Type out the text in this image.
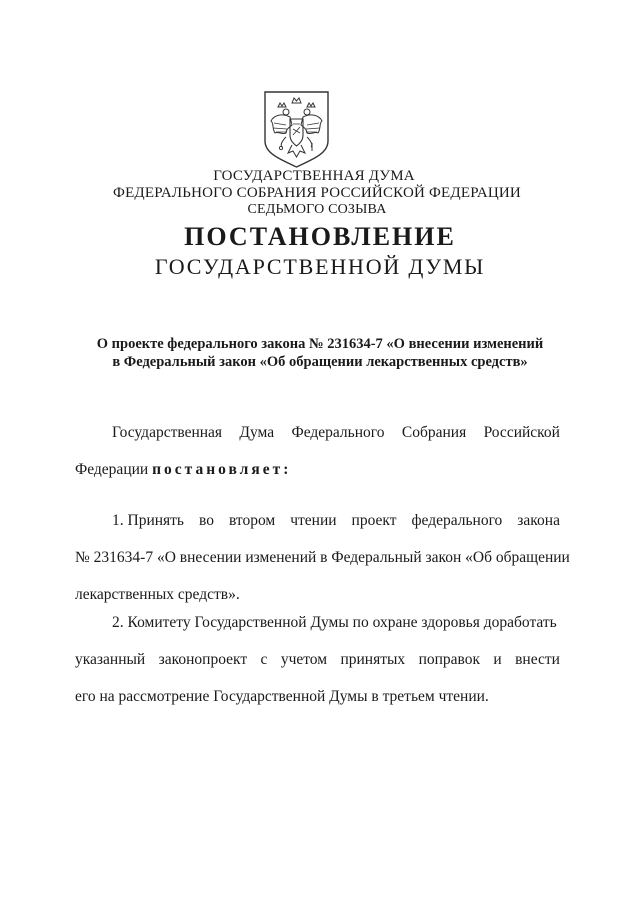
ГОСУДАРСТВЕННАЯ ДУМА
ФЕДЕРАЛЬНОГО СОБРАНИЯ РОССИЙСКОЙ ФЕДЕРАЦИИ
СЕДЬМОГО СОЗЫВА
ПОСТАНОВЛЕНИЕ
ГОСУДАРСТВЕННОЙ ДУМЫ
О проекте федерального закона № 231634-7 «О внесении изменений
в Федеральный закон «Об обращении лекарственных средств»
Государственная Дума Федерального Собрания Российской
Федерации постановляет:
1. Принять во втором чтении проект федерального закона
№ 231634-7 «О внесении изменений в Федеральный закон «Об обращении
лекарственных средств».
2. Комитету Государственной Думы по охране здоровья доработать
указанный законопроект с учетом принятых поправок и внести
его на рассмотрение Государственной Думы в третьем чтении.
